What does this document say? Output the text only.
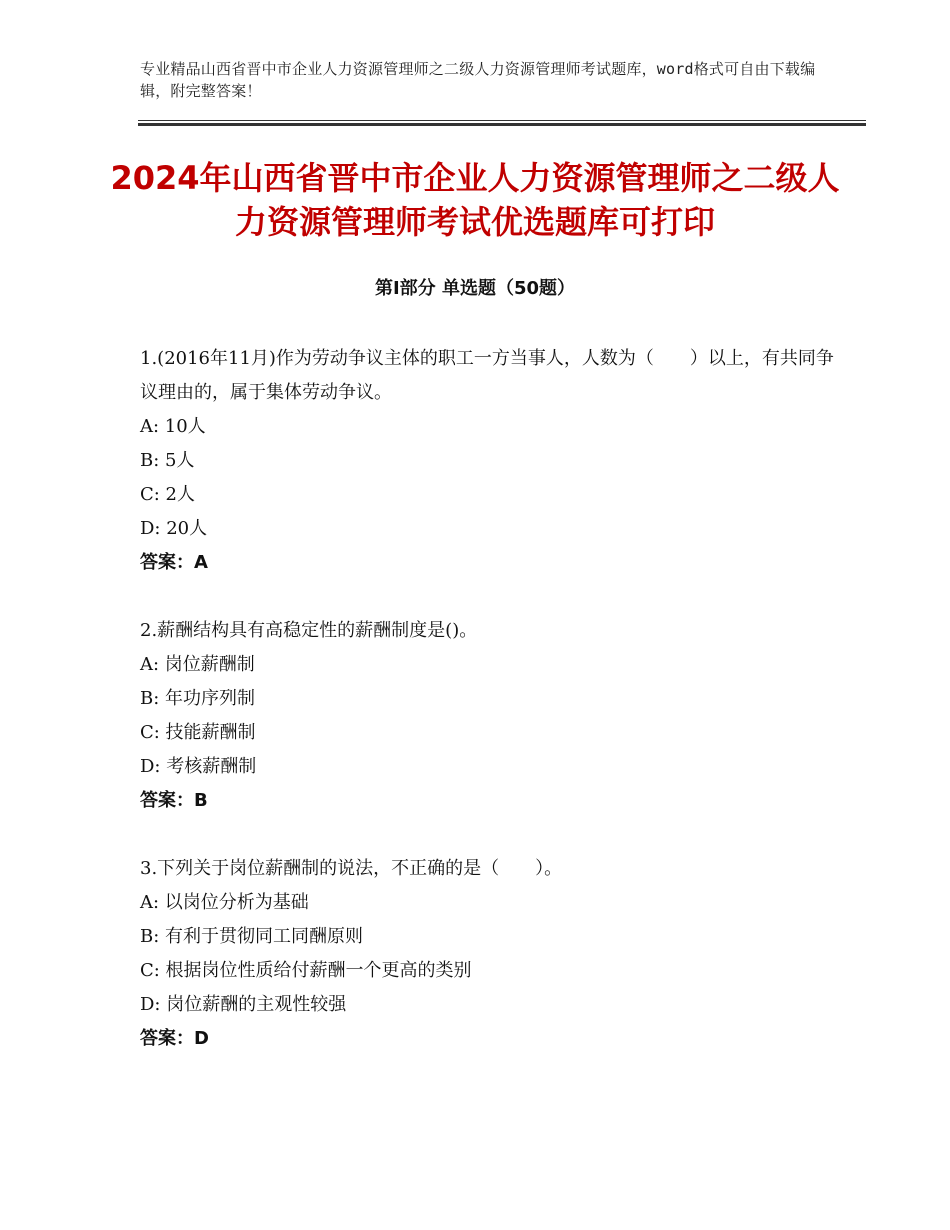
专业精品山西省晋中市企业人力资源管理师之二级人力资源管理师考试题库，word格式可自由下载编辑，附完整答案！
2024年山西省晋中市企业人力资源管理师之二级人力资源管理师考试优选题库可打印
第Ⅰ部分 单选题（50题）
1.(2016年11月)作为劳动争议主体的职工一方当事人，人数为（　　）以上，有共同争议理由的，属于集体劳动争议。
A: 10人
B: 5人
C: 2人
D: 20人
答案：A
2.薪酬结构具有高稳定性的薪酬制度是()。
A: 岗位薪酬制
B: 年功序列制
C: 技能薪酬制
D: 考核薪酬制
答案：B
3.下列关于岗位薪酬制的说法，不正确的是（　　）。
A: 以岗位分析为基础
B: 有利于贯彻同工同酬原则
C: 根据岗位性质给付薪酬一个更高的类别
D: 岗位薪酬的主观性较强
答案：D
